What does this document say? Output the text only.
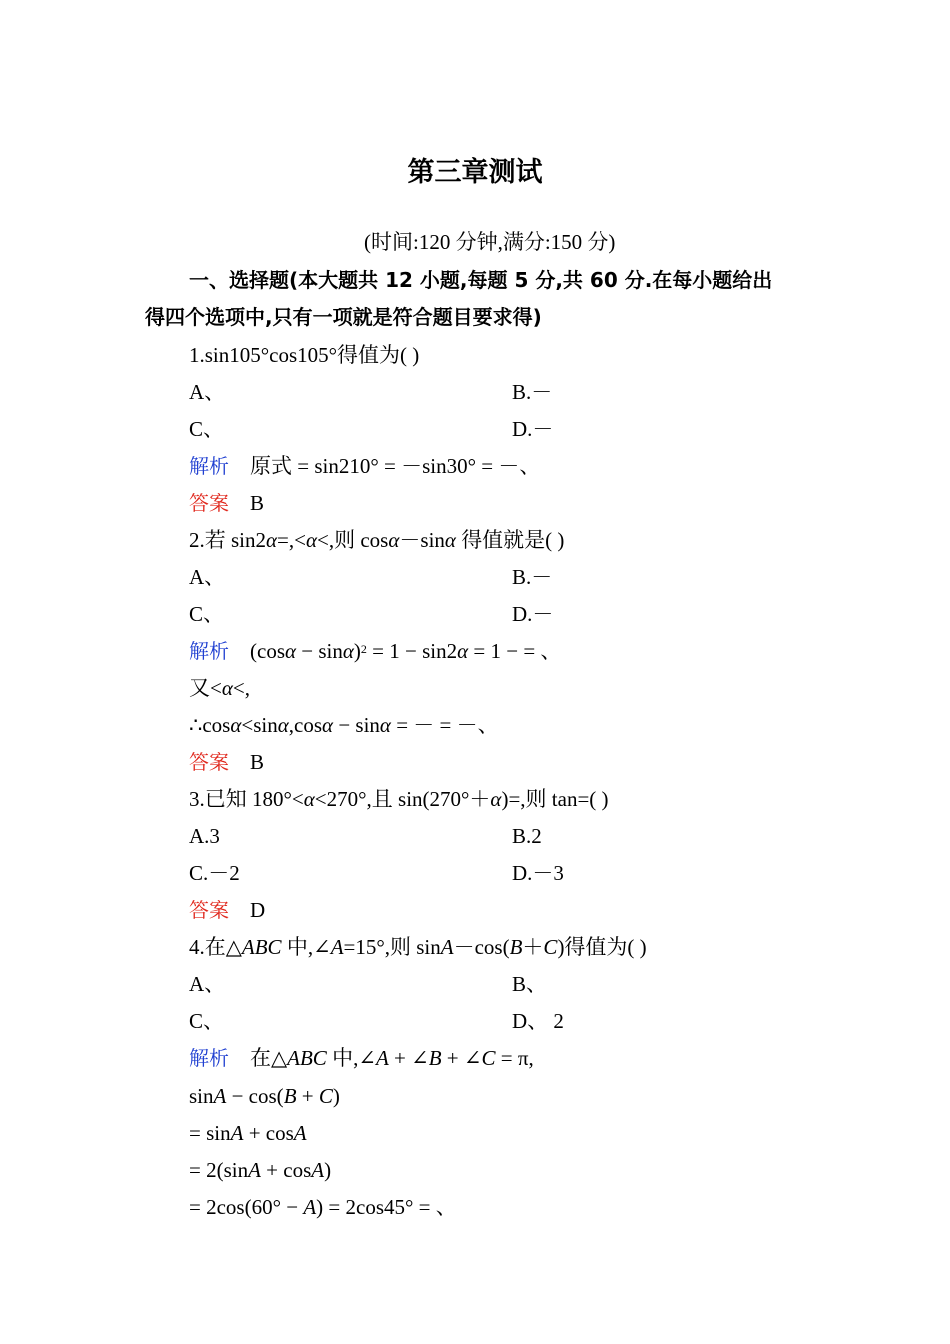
第三章测试
(时间:120 分钟,满分:150 分)
一、选择题(本大题共 12 小题,每题 5 分,共 60 分.在每小题给出
得四个选项中,只有一项就是符合题目要求得)
1.sin105°cos105°得值为( )
A、	B.－
C、	D.－
解析 原式 = sin210° = －sin30° = －、
答案 B
2.若 sin2α=,<α<,则 cosα－sinα 得值就是( )
A、	B.－
C、	D.－
解析 $(\cos\alpha - \sin\alpha)^2 = 1 - \sin 2\alpha = 1$ − = 、
又<α<,
∴cosα<sinα,cosα − sinα = － = －、
答案 B
3.已知 180°<α<270°,且 sin(270°＋α)=,则 tan=( )
A.3	B.2
C.－2	D.－3
答案 D
4.在△ABC 中,∠A=15°,则 sinA－cos(B＋C)得值为( )
A、	B、
C、	D、 2
解析 在△ABC 中,∠A + ∠B + ∠C = π,
sinA − cos(B + C)
= sinA + cosA
= 2(sinA + cosA)
= 2cos(60° − A) = 2cos45° = 、
